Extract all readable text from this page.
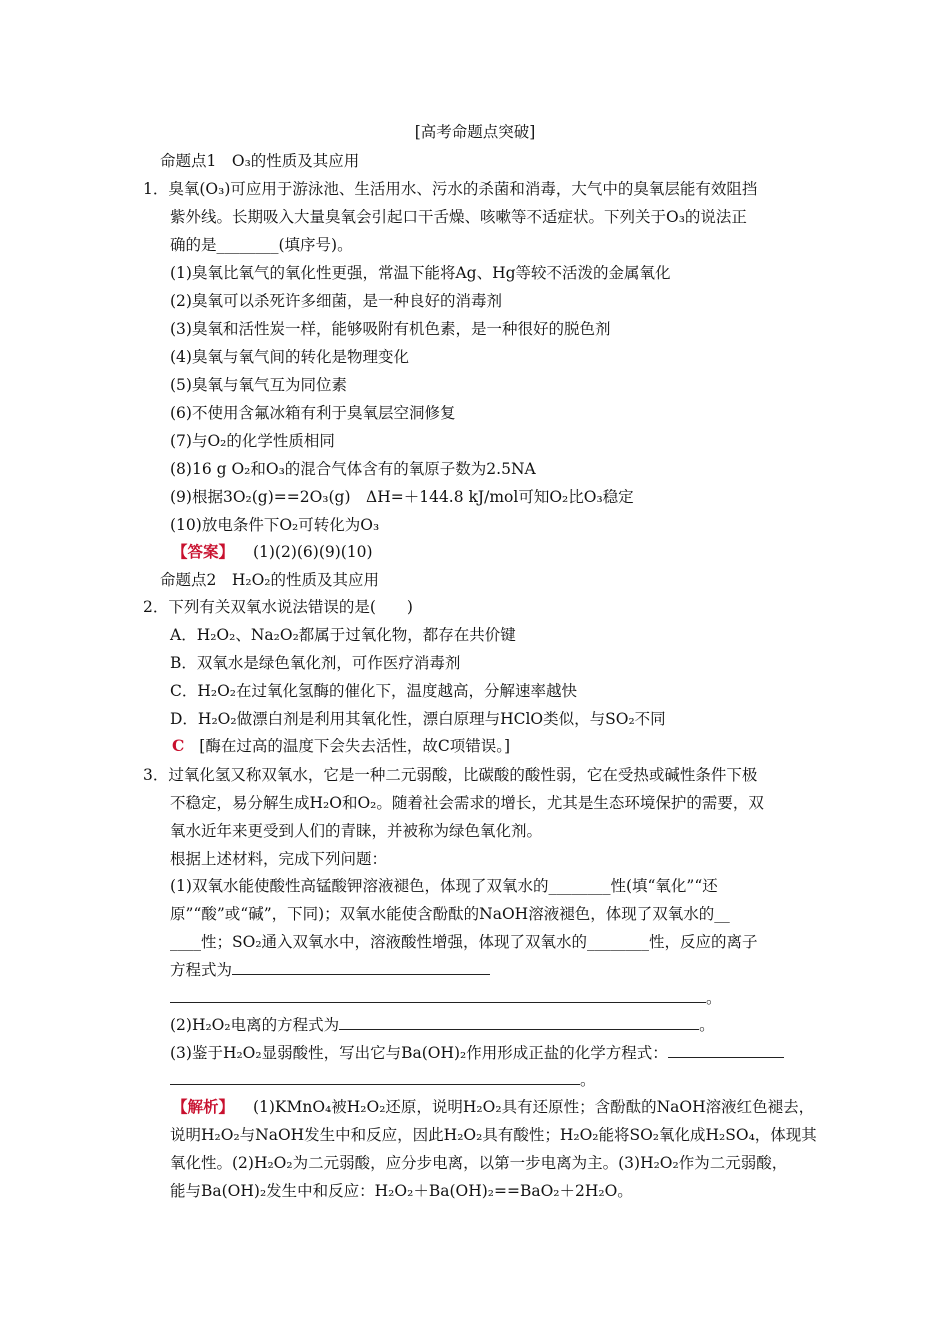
[高考命题点突破]
命题点1　O₃的性质及其应用
1．臭氧(O₃)可应用于游泳池、生活用水、污水的杀菌和消毒，大气中的臭氧层能有效阻挡
紫外线。长期吸入大量臭氧会引起口干舌燥、咳嗽等不适症状。下列关于O₃的说法正
确的是________(填序号)。
(1)臭氧比氧气的氧化性更强，常温下能将Ag、Hg等较不活泼的金属氧化
(2)臭氧可以杀死许多细菌，是一种良好的消毒剂
(3)臭氧和活性炭一样，能够吸附有机色素，是一种很好的脱色剂
(4)臭氧与氧气间的转化是物理变化
(5)臭氧与氧气互为同位素
(6)不使用含氟冰箱有利于臭氧层空洞修复
(7)与O₂的化学性质相同
(8)16 g O₂和O₃的混合气体含有的氧原子数为2.5NA
(9)根据3O₂(g)==2O₃(g)　ΔH=＋144.8 kJ/mol可知O₂比O₃稳定
(10)放电条件下O₂可转化为O₃
【答案】 (1)(2)(6)(9)(10)
命题点2　H₂O₂的性质及其应用
2．下列有关双氧水说法错误的是(　　)
A．H₂O₂、Na₂O₂都属于过氧化物，都存在共价键
B．双氧水是绿色氧化剂，可作医疗消毒剂
C．H₂O₂在过氧化氢酶的催化下，温度越高，分解速率越快
D．H₂O₂做漂白剂是利用其氧化性，漂白原理与HClO类似，与SO₂不同
C [酶在过高的温度下会失去活性，故C项错误。]
3．过氧化氢又称双氧水，它是一种二元弱酸，比碳酸的酸性弱，它在受热或碱性条件下极
不稳定，易分解生成H₂O和O₂。随着社会需求的增长，尤其是生态环境保护的需要，双
氧水近年来更受到人们的青睐，并被称为绿色氧化剂。
根据上述材料，完成下列问题：
(1)双氧水能使酸性高锰酸钾溶液褪色，体现了双氧水的________性(填“氧化”“还
原”“酸”或“碱”，下同)；双氧水能使含酚酞的NaOH溶液褪色，体现了双氧水的__
____性；SO₂通入双氧水中，溶液酸性增强，体现了双氧水的________性，反应的离子
方程式为
。
(2)H₂O₂电离的方程式为	。
(3)鉴于H₂O₂显弱酸性，写出它与Ba(OH)₂作用形成正盐的化学方程式：
。
【解析】 (1)KMnO₄被H₂O₂还原，说明H₂O₂具有还原性；含酚酞的NaOH溶液红色褪去，
说明H₂O₂与NaOH发生中和反应，因此H₂O₂具有酸性；H₂O₂能将SO₂氧化成H₂SO₄，体现其
氧化性。(2)H₂O₂为二元弱酸，应分步电离，以第一步电离为主。(3)H₂O₂作为二元弱酸，
能与Ba(OH)₂发生中和反应：H₂O₂＋Ba(OH)₂==BaO₂＋2H₂O。
